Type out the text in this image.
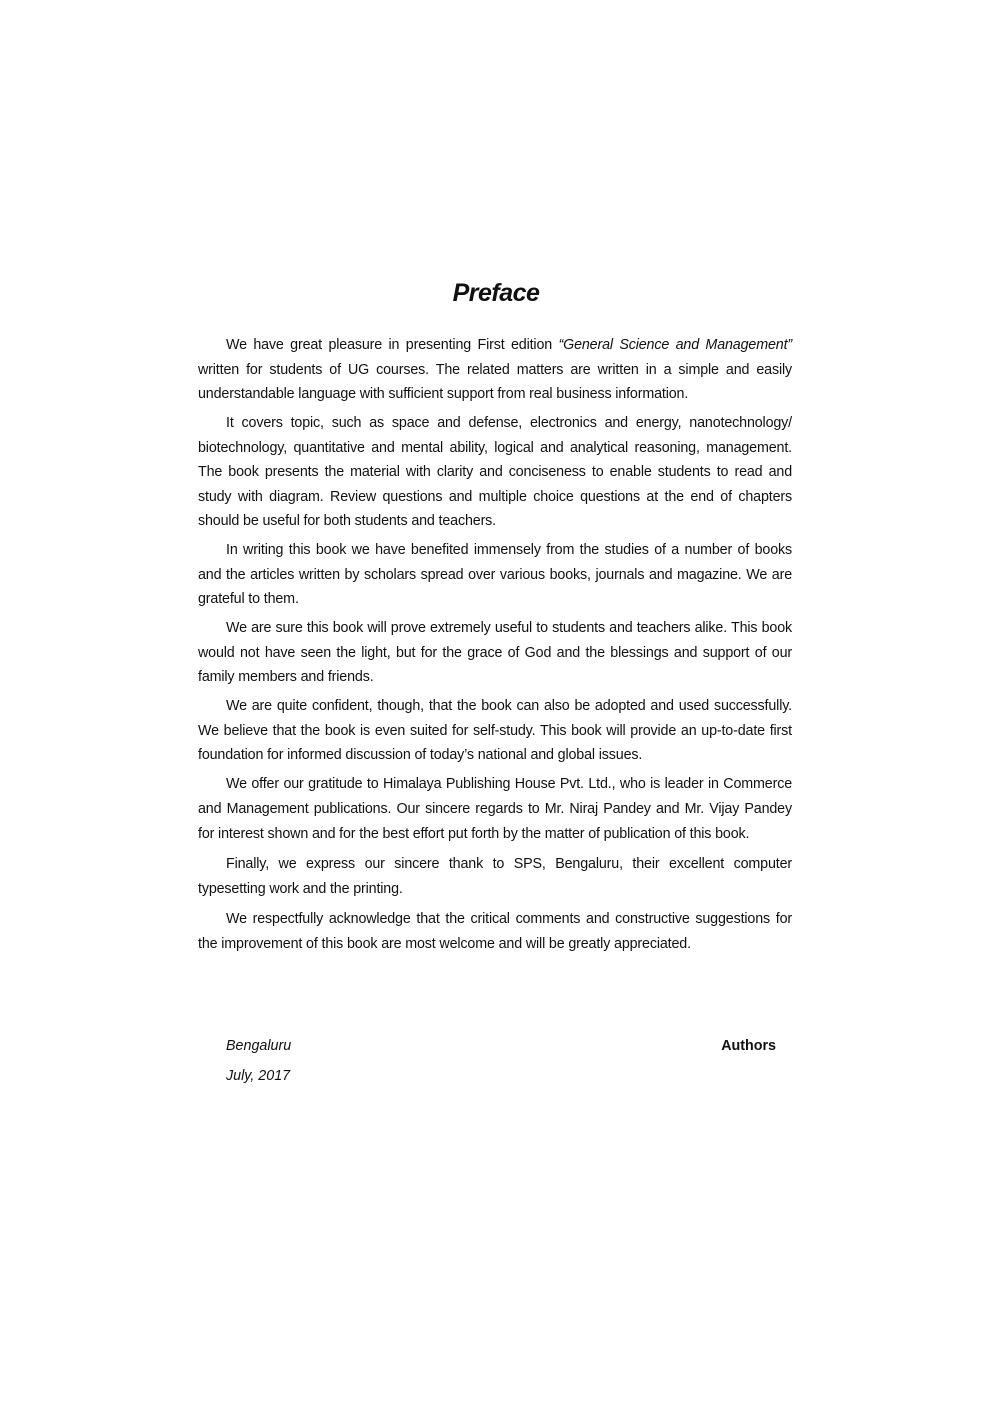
Preface

We have great pleasure in presenting First edition “General Science and Management” written for students of UG courses. The related matters are written in a simple and easily understandable language with sufficient support from real business information.

It covers topic, such as space and defense, electronics and energy, nanotechnology/ biotechnology, quantitative and mental ability, logical and analytical reasoning, management. The book presents the material with clarity and conciseness to enable students to read and study with diagram. Review questions and multiple choice questions at the end of chapters should be useful for both students and teachers.

In writing this book we have benefited immensely from the studies of a number of books and the articles written by scholars spread over various books, journals and magazine. We are grateful to them.

We are sure this book will prove extremely useful to students and teachers alike. This book would not have seen the light, but for the grace of God and the blessings and support of our family members and friends.

We are quite confident, though, that the book can also be adopted and used successfully. We believe that the book is even suited for self-study. This book will provide an up-to-date first foundation for informed discussion of today’s national and global issues.

We offer our gratitude to Himalaya Publishing House Pvt. Ltd., who is leader in Commerce and Management publications. Our sincere regards to Mr. Niraj Pandey and Mr. Vijay Pandey for interest shown and for the best effort put forth by the matter of publication of this book.

Finally, we express our sincere thank to SPS, Bengaluru, their excellent computer typesetting work and the printing.

We respectfully acknowledge that the critical comments and constructive suggestions for the improvement of this book are most welcome and will be greatly appreciated.

Bengaluru
July, 2017
Authors
